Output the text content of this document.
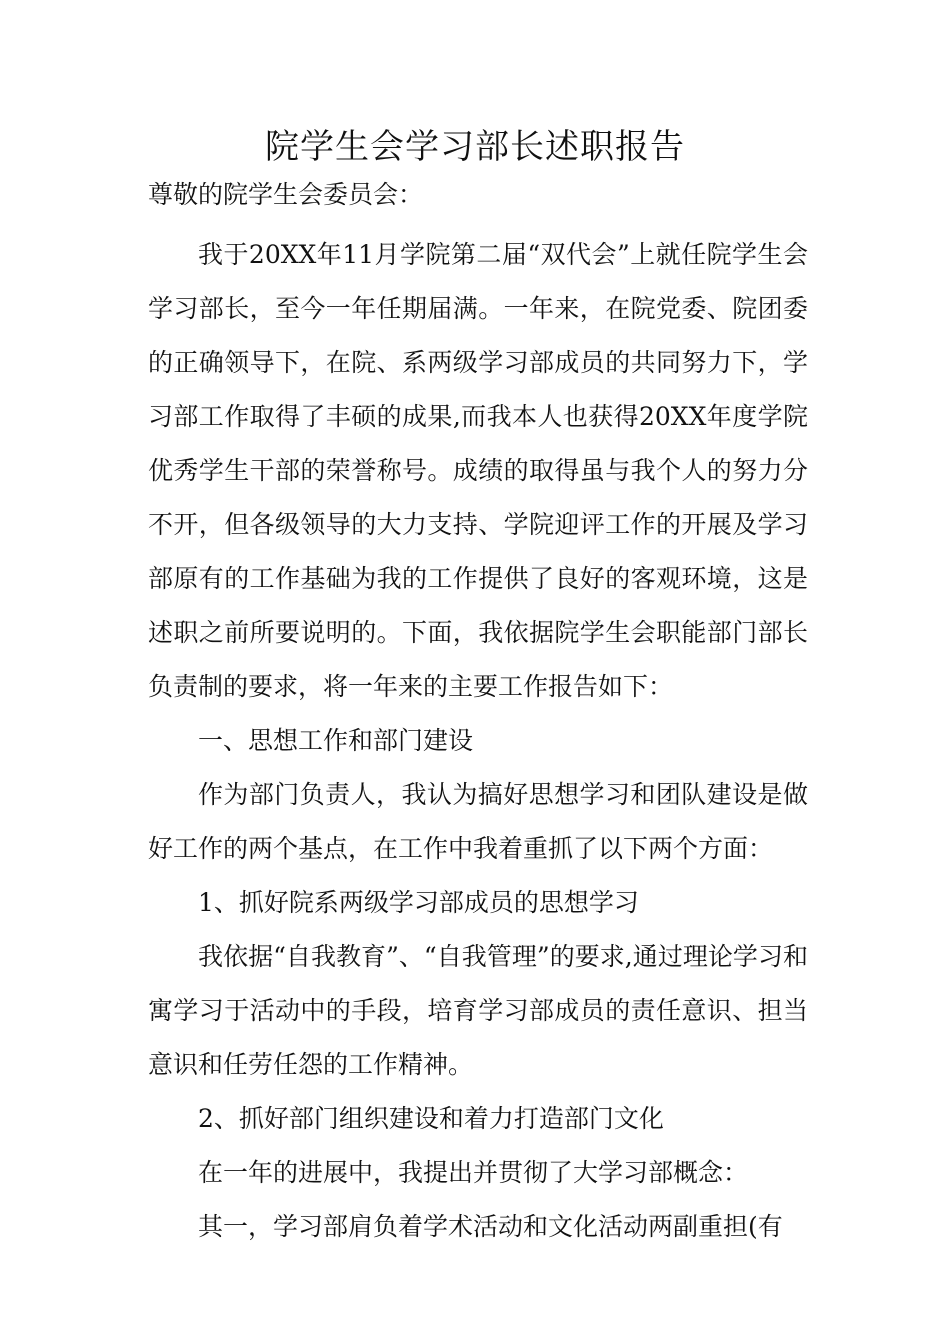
院学生会学习部长述职报告

尊敬的院学生会委员会：

我于20XX年11月学院第二届“双代会”上就任院学生会学习部长，至今一年任期届满。一年来，在院党委、院团委的正确领导下，在院、系两级学习部成员的共同努力下，学习部工作取得了丰硕的成果,而我本人也获得20XX年度学院优秀学生干部的荣誉称号。成绩的取得虽与我个人的努力分不开，但各级领导的大力支持、学院迎评工作的开展及学习部原有的工作基础为我的工作提供了良好的客观环境，这是述职之前所要说明的。下面，我依据院学生会职能部门部长负责制的要求，将一年来的主要工作报告如下：

一、思想工作和部门建设

作为部门负责人，我认为搞好思想学习和团队建设是做好工作的两个基点，在工作中我着重抓了以下两个方面：

1、抓好院系两级学习部成员的思想学习

我依据“自我教育”、“自我管理”的要求,通过理论学习和寓学习于活动中的手段，培育学习部成员的责任意识、担当意识和任劳任怨的工作精神。

2、抓好部门组织建设和着力打造部门文化

在一年的进展中，我提出并贯彻了大学习部概念：

其一，学习部肩负着学术活动和文化活动两副重担(有
